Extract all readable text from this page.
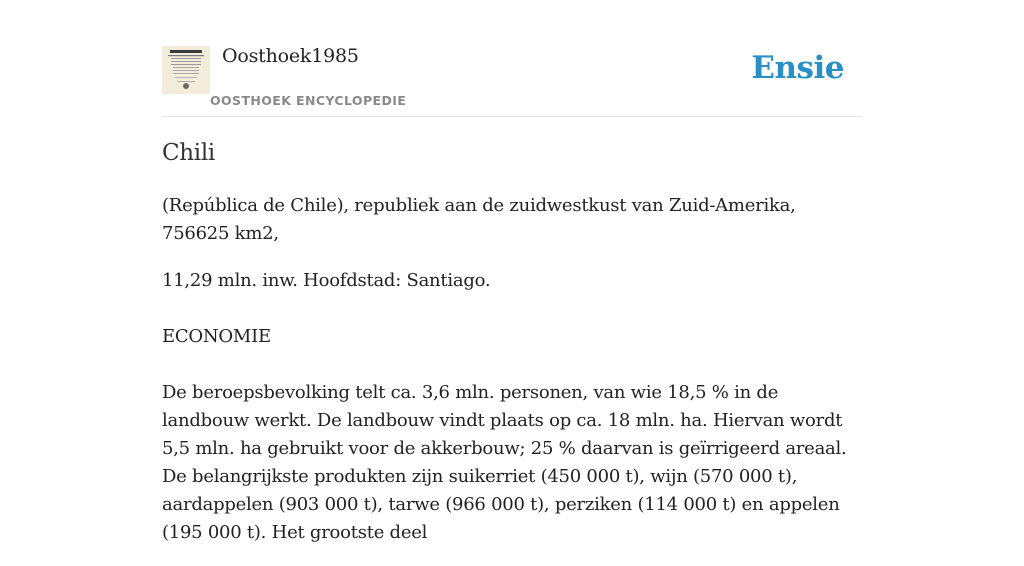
Oosthoek1985
OOSTHOEK ENCYCLOPEDIE
Ensie
Chili

(República de Chile), republiek aan de zuidwestkust van Zuid-Amerika, 756625 km2,

11,29 mln. inw. Hoofdstad: Santiago.

ECONOMIE

De beroepsbevolking telt ca. 3,6 mln. personen, van wie 18,5 % in de landbouw werkt. De landbouw vindt plaats op ca. 18 mln. ha. Hiervan wordt 5,5 mln. ha gebruikt voor de akkerbouw; 25 % daarvan is geïrrigeerd areaal. De belangrijkste produkten zijn suikerriet (450 000 t), wijn (570 000 t), aardappelen (903 000 t), tarwe (966 000 t), perziken (114 000 t) en appelen (195 000 t). Het grootste deel
